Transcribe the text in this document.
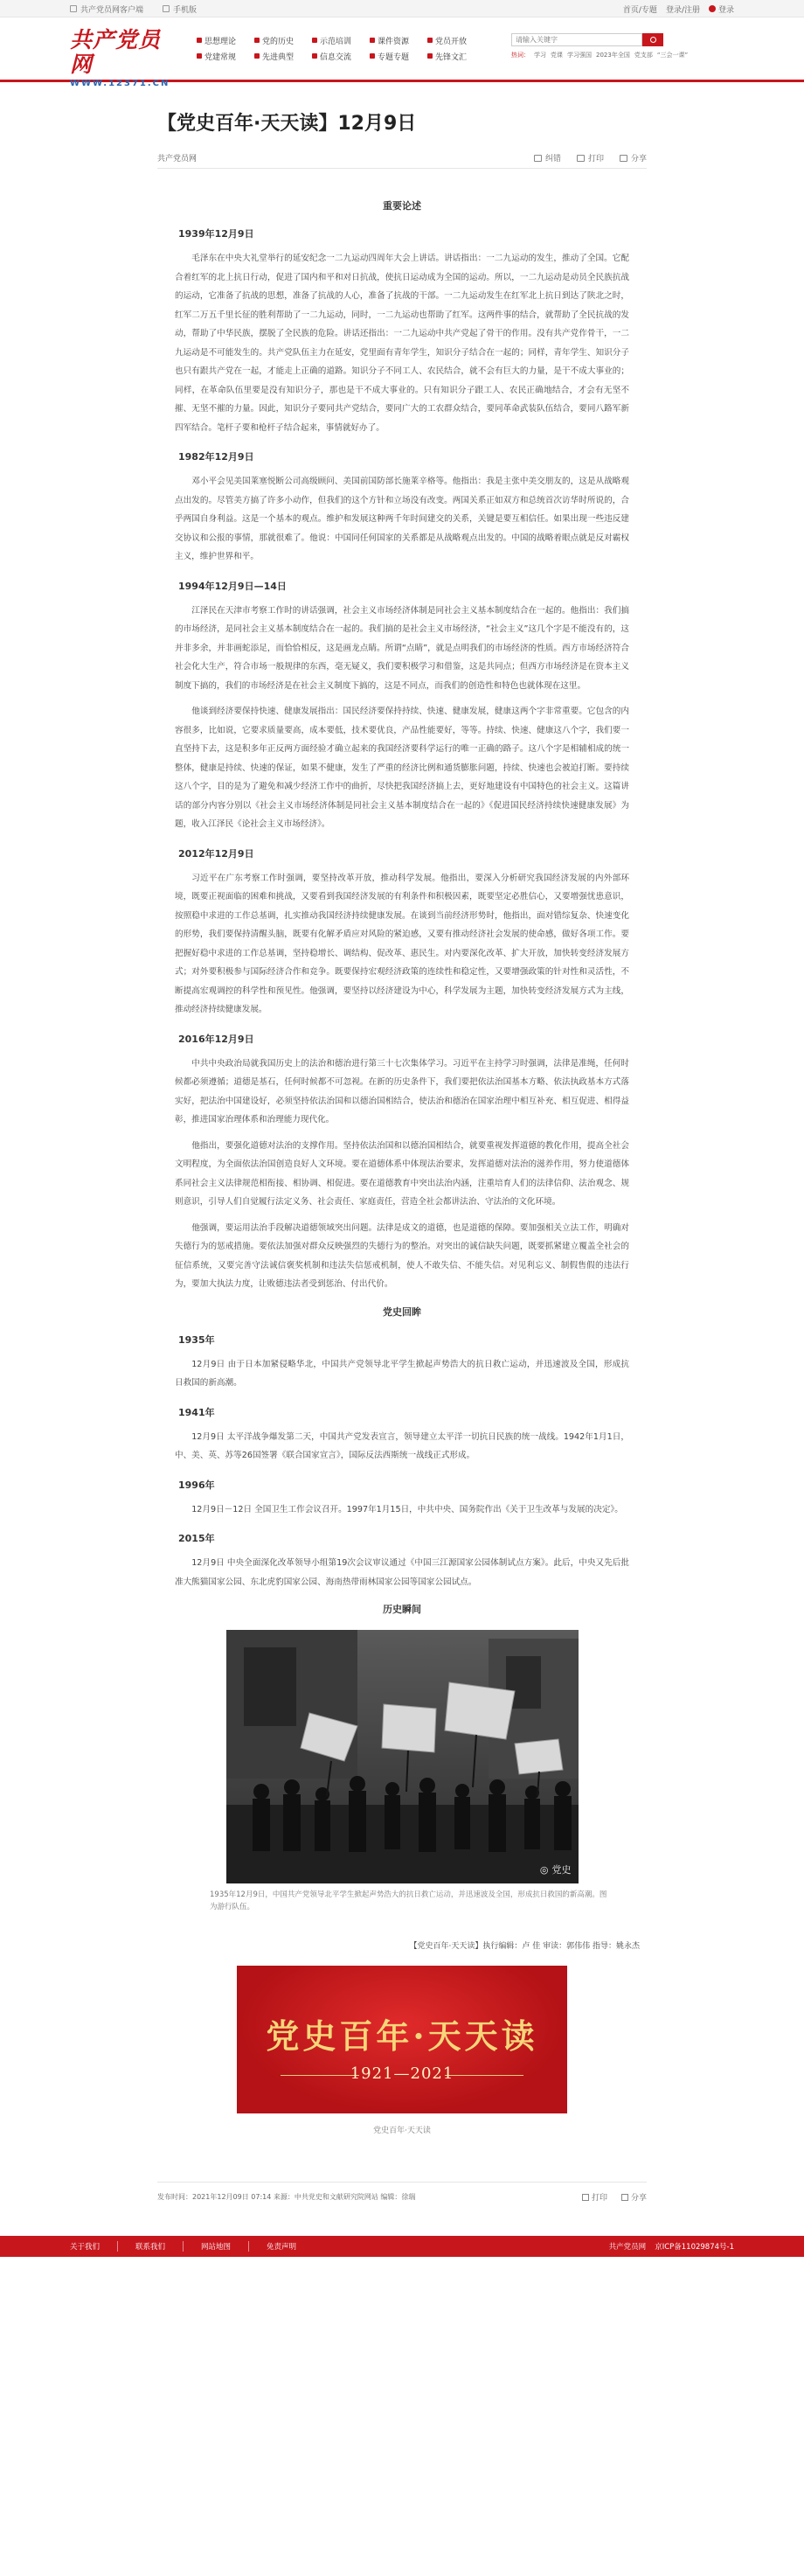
共产党员网客户端	手机版	首页/专题 登录/注册 登录
共产党员网
WWW.12371.CN
思想理论	党的历史	示范培训	课件资源	党员开放
党建常规	先进典型	信息交流	专题专题	先锋文汇
请输入关键字	热词： 学习 党课 学习强国 2023年全国 党支部 “三会一课”
【党史百年·天天读】12月9日
共产党员网	纠错	打印	分享
重要论述
1939年12月9日

毛泽东在中央大礼堂举行的延安纪念一二九运动四周年大会上讲话。讲话指出：一二九运动的发生，推动了全国。它配合着红军的北上抗日行动，促进了国内和平和对日抗战，使抗日运动成为全国的运动。所以，一二九运动是动员全民族抗战的运动，它准备了抗战的思想，准备了抗战的人心，准备了抗战的干部。一二九运动发生在红军北上抗日到达了陕北之时，红军二万五千里长征的胜利帮助了一二九运动，同时，一二九运动也帮助了红军。这两件事的结合，就帮助了全民抗战的发动，帮助了中华民族，摆脱了全民族的危险。讲话还指出：一二九运动中共产党起了骨干的作用。没有共产党作骨干，一二九运动是不可能发生的。共产党队伍主力在延安，党里面有青年学生，知识分子结合在一起的；同样，青年学生、知识分子也只有跟共产党在一起，才能走上正确的道路。知识分子不同工人、农民结合，就不会有巨大的力量，是干不成大事业的；同样，在革命队伍里要是没有知识分子，那也是干不成大事业的。只有知识分子跟工人、农民正确地结合，才会有无坚不摧、无坚不摧的力量。因此，知识分子要同共产党结合，要同广大的工农群众结合，要同革命武装队伍结合，要同八路军新四军结合。笔杆子要和枪杆子结合起来，事情就好办了。

1982年12月9日

邓小平会见美国莱塞悦断公司高级顾问、美国前国防部长施莱辛格等。他指出：我是主张中美交朋友的，这是从战略观点出发的。尽管美方搞了许多小动作，但我们的这个方针和立场没有改变。两国关系正如双方和总统首次访华时所说的，合乎两国自身利益。这是一个基本的观点。维护和发展这种两千年时间建交的关系，关键是要互相信任。如果出现一些违反建交协议和公报的事情，那就很难了。他说：中国同任何国家的关系都是从战略观点出发的。中国的战略着眼点就是反对霸权主义，维护世界和平。

1994年12月9日—14日

江泽民在天津市考察工作时的讲话强调，社会主义市场经济体制是同社会主义基本制度结合在一起的。他指出：我们搞的市场经济，是同社会主义基本制度结合在一起的。我们搞的是社会主义市场经济，“社会主义”这几个字是不能没有的，这并非多余，并非画蛇添足，而恰恰相反，这是画龙点睛。所谓“点睛”，就是点明我们的市场经济的性质。西方市场经济符合社会化大生产，符合市场一般规律的东西，毫无疑义，我们要积极学习和借鉴，这是共同点；但西方市场经济是在资本主义制度下搞的，我们的市场经济是在社会主义制度下搞的，这是不同点，而我们的创造性和特色也就体现在这里。

他谈到经济要保持快速、健康发展指出：国民经济要保持持续、快速、健康发展，健康这两个字非常重要。它包含的内容很多，比如说，它要求质量要高，成本要低，技术要优良，产品性能要好，等等。持续、快速、健康这八个字，我们要一直坚持下去，这是积多年正反两方面经验才确立起来的我国经济要科学运行的唯一正确的路子。这八个字是相辅相成的统一整体，健康是持续、快速的保证，如果不健康，发生了严重的经济比例和通货膨胀问题，持续、快速也会被迫打断。要持续这八个字，目的是为了避免和减少经济工作中的曲折，尽快把我国经济搞上去，更好地建设有中国特色的社会主义。这篇讲话的部分内容分别以《社会主义市场经济体制是同社会主义基本制度结合在一起的》《促进国民经济持续快速健康发展》为题，收入江泽民《论社会主义市场经济》。

2012年12月9日

习近平在广东考察工作时强调，要坚持改革开放，推动科学发展。他指出，要深入分析研究我国经济发展的内外部环境，既要正视面临的困难和挑战，又要看到我国经济发展的有利条件和积极因素，既要坚定必胜信心，又要增强忧患意识，按照稳中求进的工作总基调，扎实推动我国经济持续健康发展。在谈到当前经济形势时，他指出，面对错综复杂、快速变化的形势，我们要保持清醒头脑，既要有化解矛盾应对风险的紧迫感，又要有推动经济社会发展的使命感，做好各项工作。要把握好稳中求进的工作总基调，坚持稳增长、调结构、促改革、惠民生。对内要深化改革、扩大开放，加快转变经济发展方式；对外要积极参与国际经济合作和竞争。既要保持宏观经济政策的连续性和稳定性，又要增强政策的针对性和灵活性，不断提高宏观调控的科学性和预见性。他强调，要坚持以经济建设为中心，科学发展为主题，加快转变经济发展方式为主线，推动经济持续健康发展。

2016年12月9日

中共中央政治局就我国历史上的法治和德治进行第三十七次集体学习。习近平在主持学习时强调，法律是准绳，任何时候都必须遵循；道德是基石，任何时候都不可忽视。在新的历史条件下，我们要把依法治国基本方略、依法执政基本方式落实好，把法治中国建设好，必须坚持依法治国和以德治国相结合，使法治和德治在国家治理中相互补充、相互促进、相得益彰，推进国家治理体系和治理能力现代化。

他指出，要强化道德对法治的支撑作用。坚持依法治国和以德治国相结合，就要重视发挥道德的教化作用，提高全社会文明程度，为全面依法治国创造良好人文环境。要在道德体系中体现法治要求，发挥道德对法治的滋养作用，努力使道德体系同社会主义法律规范相衔接、相协调、相促进。要在道德教育中突出法治内涵，注重培育人们的法律信仰、法治观念、规则意识，引导人们自觉履行法定义务、社会责任、家庭责任，营造全社会都讲法治、守法治的文化环境。

他强调，要运用法治手段解决道德领域突出问题。法律是成文的道德，也是道德的保障。要加强相关立法工作，明确对失德行为的惩戒措施。要依法加强对群众反映强烈的失德行为的整治。对突出的诚信缺失问题，既要抓紧建立覆盖全社会的征信系统，又要完善守法诚信褒奖机制和违法失信惩戒机制，使人不敢失信、不能失信。对见利忘义、制假售假的违法行为，要加大执法力度，让败德违法者受到惩治、付出代价。

党史回眸
1935年

12月9日 由于日本加紧侵略华北，中国共产党领导北平学生掀起声势浩大的抗日救亡运动，并迅速波及全国，形成抗日救国的新高潮。

1941年

12月9日 太平洋战争爆发第二天，中国共产党发表宣言，领导建立太平洋一切抗日民族的统一战线。1942年1月1日，中、美、英、苏等26国签署《联合国家宣言》，国际反法西斯统一战线正式形成。

1996年

12月9日－12日 全国卫生工作会议召开。1997年1月15日，中共中央、国务院作出《关于卫生改革与发展的决定》。

2015年

12月9日 中央全面深化改革领导小组第19次会议审议通过《中国三江源国家公园体制试点方案》。此后，中央又先后批准大熊猫国家公园、东北虎豹国家公园、海南热带雨林国家公园等国家公园试点。

历史瞬间
◎ 党史
1935年12月9日，中国共产党领导北平学生掀起声势浩大的抗日救亡运动，并迅速波及全国，形成抗日救国的新高潮。图为游行队伍。
【党史百年·天天读】执行编辑：卢 佳 审读：郭伟伟 指导：姚永杰
党史百年·天天读
1921—2021
党史百年·天天读
发布时间：2021年12月09日 07:14 来源：中共党史和文献研究院网站 编辑：徐瑞	打印	分享
关于我们	联系我们	网站地图	免责声明	共产党员网 京ICP备11029874号-1
